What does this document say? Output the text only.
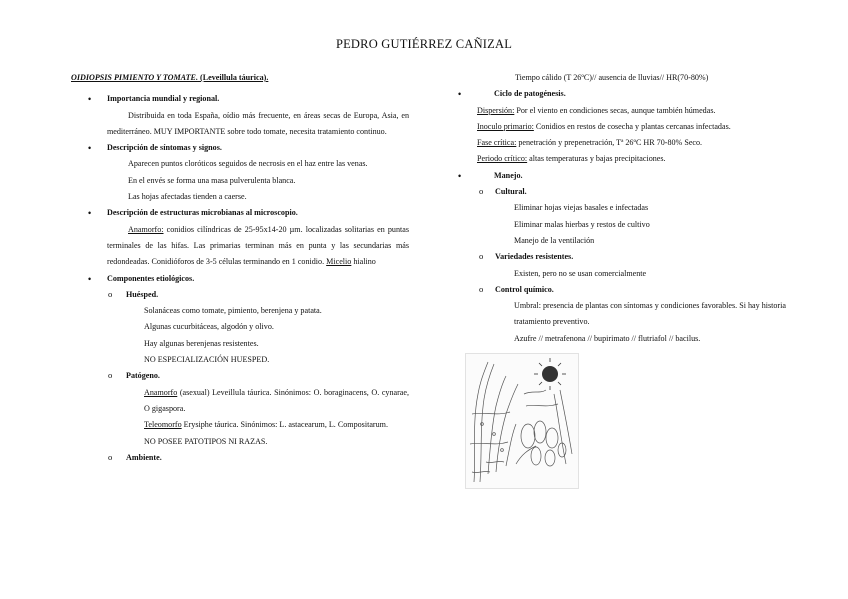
PEDRO GUTIÉRREZ CAÑIZAL
OIDIOPSIS PIMIENTO Y TOMATE. (Leveillula táurica).
• Importancia mundial y regional.
Distribuida en toda España, oídio más frecuente, en áreas secas de Europa, Asia, en mediterráneo. MUY IMPORTANTE sobre todo tomate, necesita tratamiento continuo.
• Descripción de síntomas y signos.
Aparecen puntos cloróticos seguidos de necrosis en el haz entre las venas.
En el envés se forma una masa pulverulenta blanca.
Las hojas afectadas tienden a caerse.
• Descripción de estructuras microbianas al microscopio.
Anamorfo: conidios cilíndricas de 25-95x14-20 µm. localizadas solitarias en puntas terminales de las hifas. Las primarias terminan más en punta y las secundarias más redondeadas. Conidióforos de 3-5 células terminando en 1 conidio. Micelio hialino
• Componentes etiológicos.
o Huésped.
Solanáceas como tomate, pimiento, berenjena y patata.
Algunas cucurbitáceas, algodón y olivo.
Hay algunas berenjenas resistentes.
NO ESPECIALIZACIÓN HUESPED.
o Patógeno.
Anamorfo (asexual) Leveillula táurica. Sinónimos: O. boraginacens, O. cynarae, O gigaspora.
Teleomorfo Erysiphe táurica. Sinónimos: L. astacearum, L. Compositarum.
NO POSEE PATOTIPOS NI RAZAS.
o Ambiente.
Tiempo cálido (T 26ºC)// ausencia de lluvias// HR(70-80%)
• Ciclo de patogénesis.
Dispersión: Por el viento en condiciones secas, aunque también húmedas.
Inoculo primario: Conidios en restos de cosecha y plantas cercanas infectadas.
Fase crítica: penetración y prepenetración, Tª 26ºC HR 70-80% Seco.
Periodo crítico: altas temperaturas y bajas precipitaciones.
• Manejo.
o Cultural.
Eliminar hojas viejas basales e infectadas
Eliminar malas hierbas y restos de cultivo
Manejo de la ventilación
o Variedades resistentes.
Existen, pero no se usan comercialmente
o Control químico.
Umbral: presencia de plantas con síntomas y condiciones favorables. Si hay historia tratamiento preventivo.
Azufre // metrafenona // bupirimato // flutriafol // bacilus.
